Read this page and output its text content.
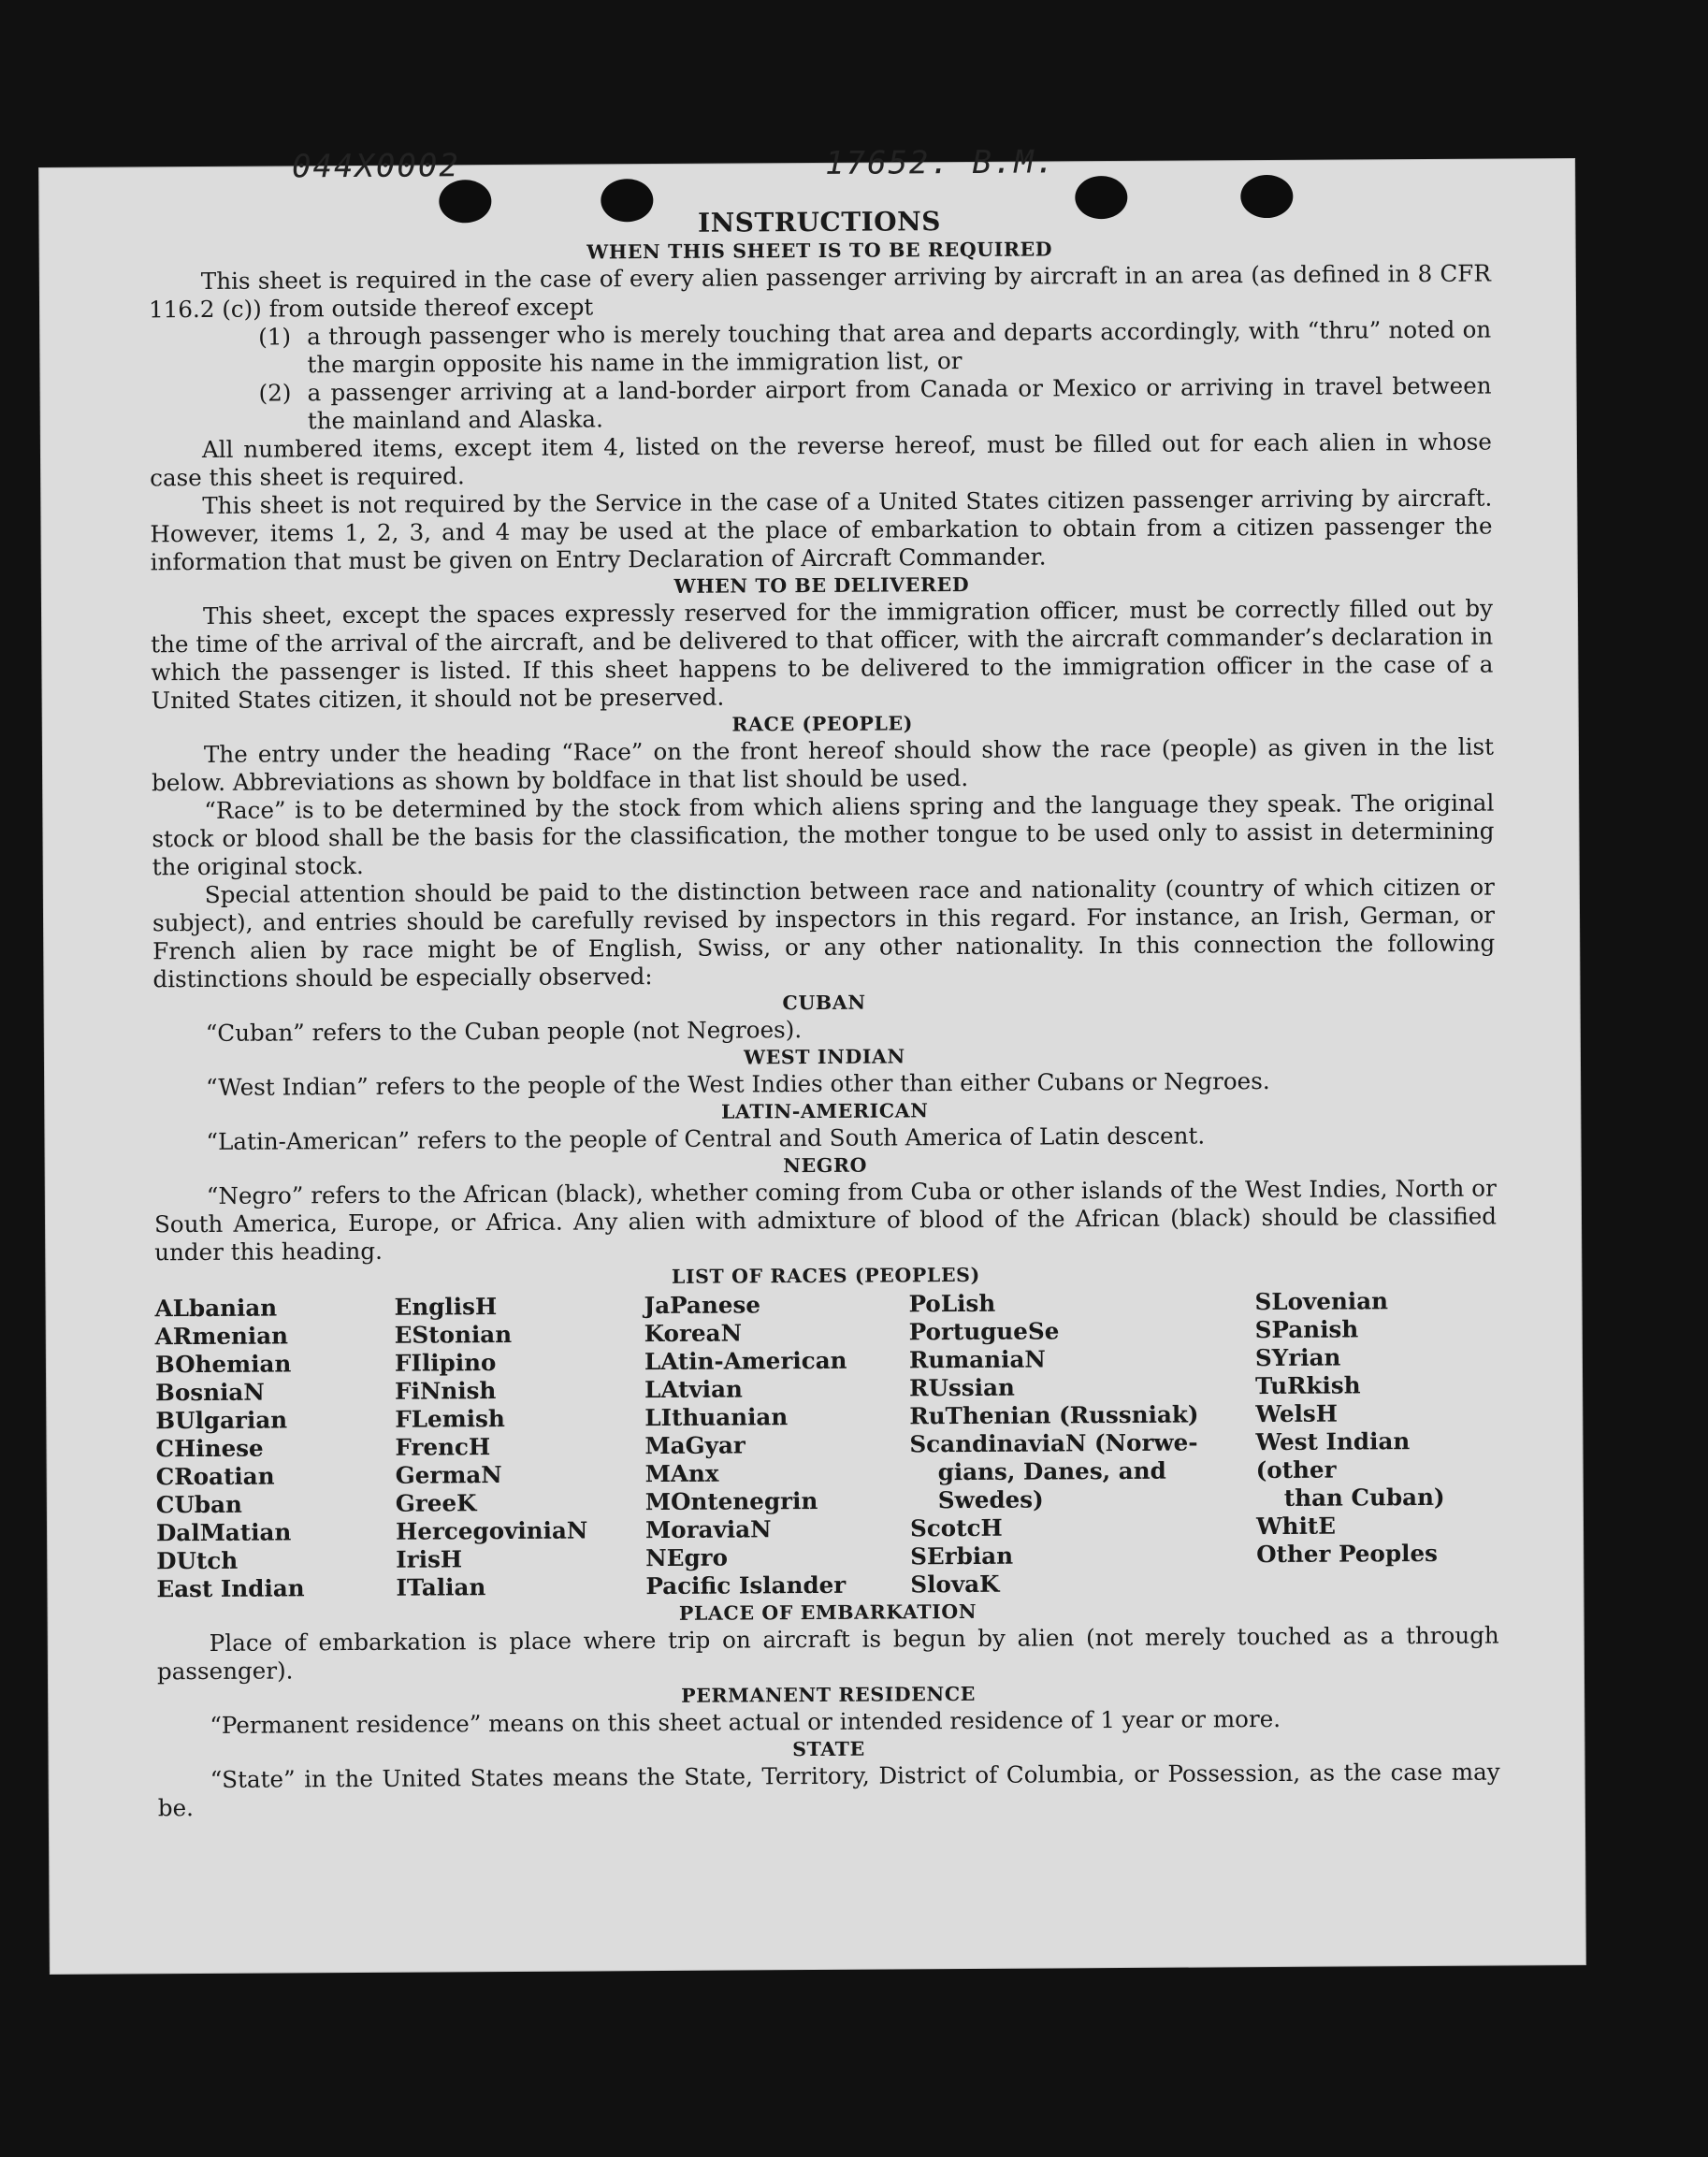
044X0002	17652. B.M.
INSTRUCTIONS
WHEN THIS SHEET IS TO BE REQUIRED

This sheet is required in the case of every alien passenger arriving by aircraft in an area (as defined in 8 CFR 116.2 (c)) from outside thereof except

(1) a through passenger who is merely touching that area and departs accordingly, with “thru” noted on the margin opposite his name in the immigration list, or
(2) a passenger arriving at a land-border airport from Canada or Mexico or arriving in travel between the mainland and Alaska.

All numbered items, except item 4, listed on the reverse hereof, must be filled out for each alien in whose case this sheet is required.

This sheet is not required by the Service in the case of a United States citizen passenger arriving by aircraft. However, items 1, 2, 3, and 4 may be used at the place of embarkation to obtain from a citizen passenger the information that must be given on Entry Declaration of Aircraft Commander.

WHEN TO BE DELIVERED

This sheet, except the spaces expressly reserved for the immigration officer, must be correctly filled out by the time of the arrival of the aircraft, and be delivered to that officer, with the aircraft commander’s declaration in which the passenger is listed. If this sheet happens to be delivered to the immigration officer in the case of a United States citizen, it should not be preserved.

RACE (PEOPLE)

The entry under the heading “Race” on the front hereof should show the race (people) as given in the list below. Abbreviations as shown by boldface in that list should be used.

“Race” is to be determined by the stock from which aliens spring and the language they speak. The original stock or blood shall be the basis for the classification, the mother tongue to be used only to assist in determining the original stock.

Special attention should be paid to the distinction between race and nationality (country of which citizen or subject), and entries should be carefully revised by inspectors in this regard. For instance, an Irish, German, or French alien by race might be of English, Swiss, or any other nationality. In this connection the following distinctions should be especially observed:

CUBAN

“Cuban” refers to the Cuban people (not Negroes).

WEST INDIAN

“West Indian” refers to the people of the West Indies other than either Cubans or Negroes.

LATIN-AMERICAN

“Latin-American” refers to the people of Central and South America of Latin descent.

NEGRO

“Negro” refers to the African (black), whether coming from Cuba or other islands of the West Indies, North or South America, Europe, or Africa. Any alien with admixture of blood of the African (black) should be classified under this heading.

LIST OF RACES (PEOPLES)
ALbanian
ARmenian
BOhemian
BosniaN
BUlgarian
CHinese
CRoatian
CUban
DalMatian
DUtch
East Indian
EnglisH
EStonian
FIlipino
FiNnish
FLemish
FrencH
GermaN
GreeK
HercegoviniaN
IrisH
ITalian
JaPanese
KoreaN
LAtin-American
LAtvian
LIthuanian
MaGyar
MAnx
MOntenegrin
MoraviaN
NEgro
Pacific Islander
PoLish
PortugueSe
RumaniaN
RUssian
RuThenian (Russniak)
ScandinaviaN (Norwe-
gians, Danes, and
Swedes)
ScotcH
SErbian
SlovaK
SLovenian
SPanish
SYrian
TuRkish
WelsH
West Indian (other
than Cuban)
WhitE
Other Peoples
PLACE OF EMBARKATION

Place of embarkation is place where trip on aircraft is begun by alien (not merely touched as a through passenger).

PERMANENT RESIDENCE

“Permanent residence” means on this sheet actual or intended residence of 1 year or more.

STATE

“State” in the United States means the State, Territory, District of Columbia, or Possession, as the case may be.
